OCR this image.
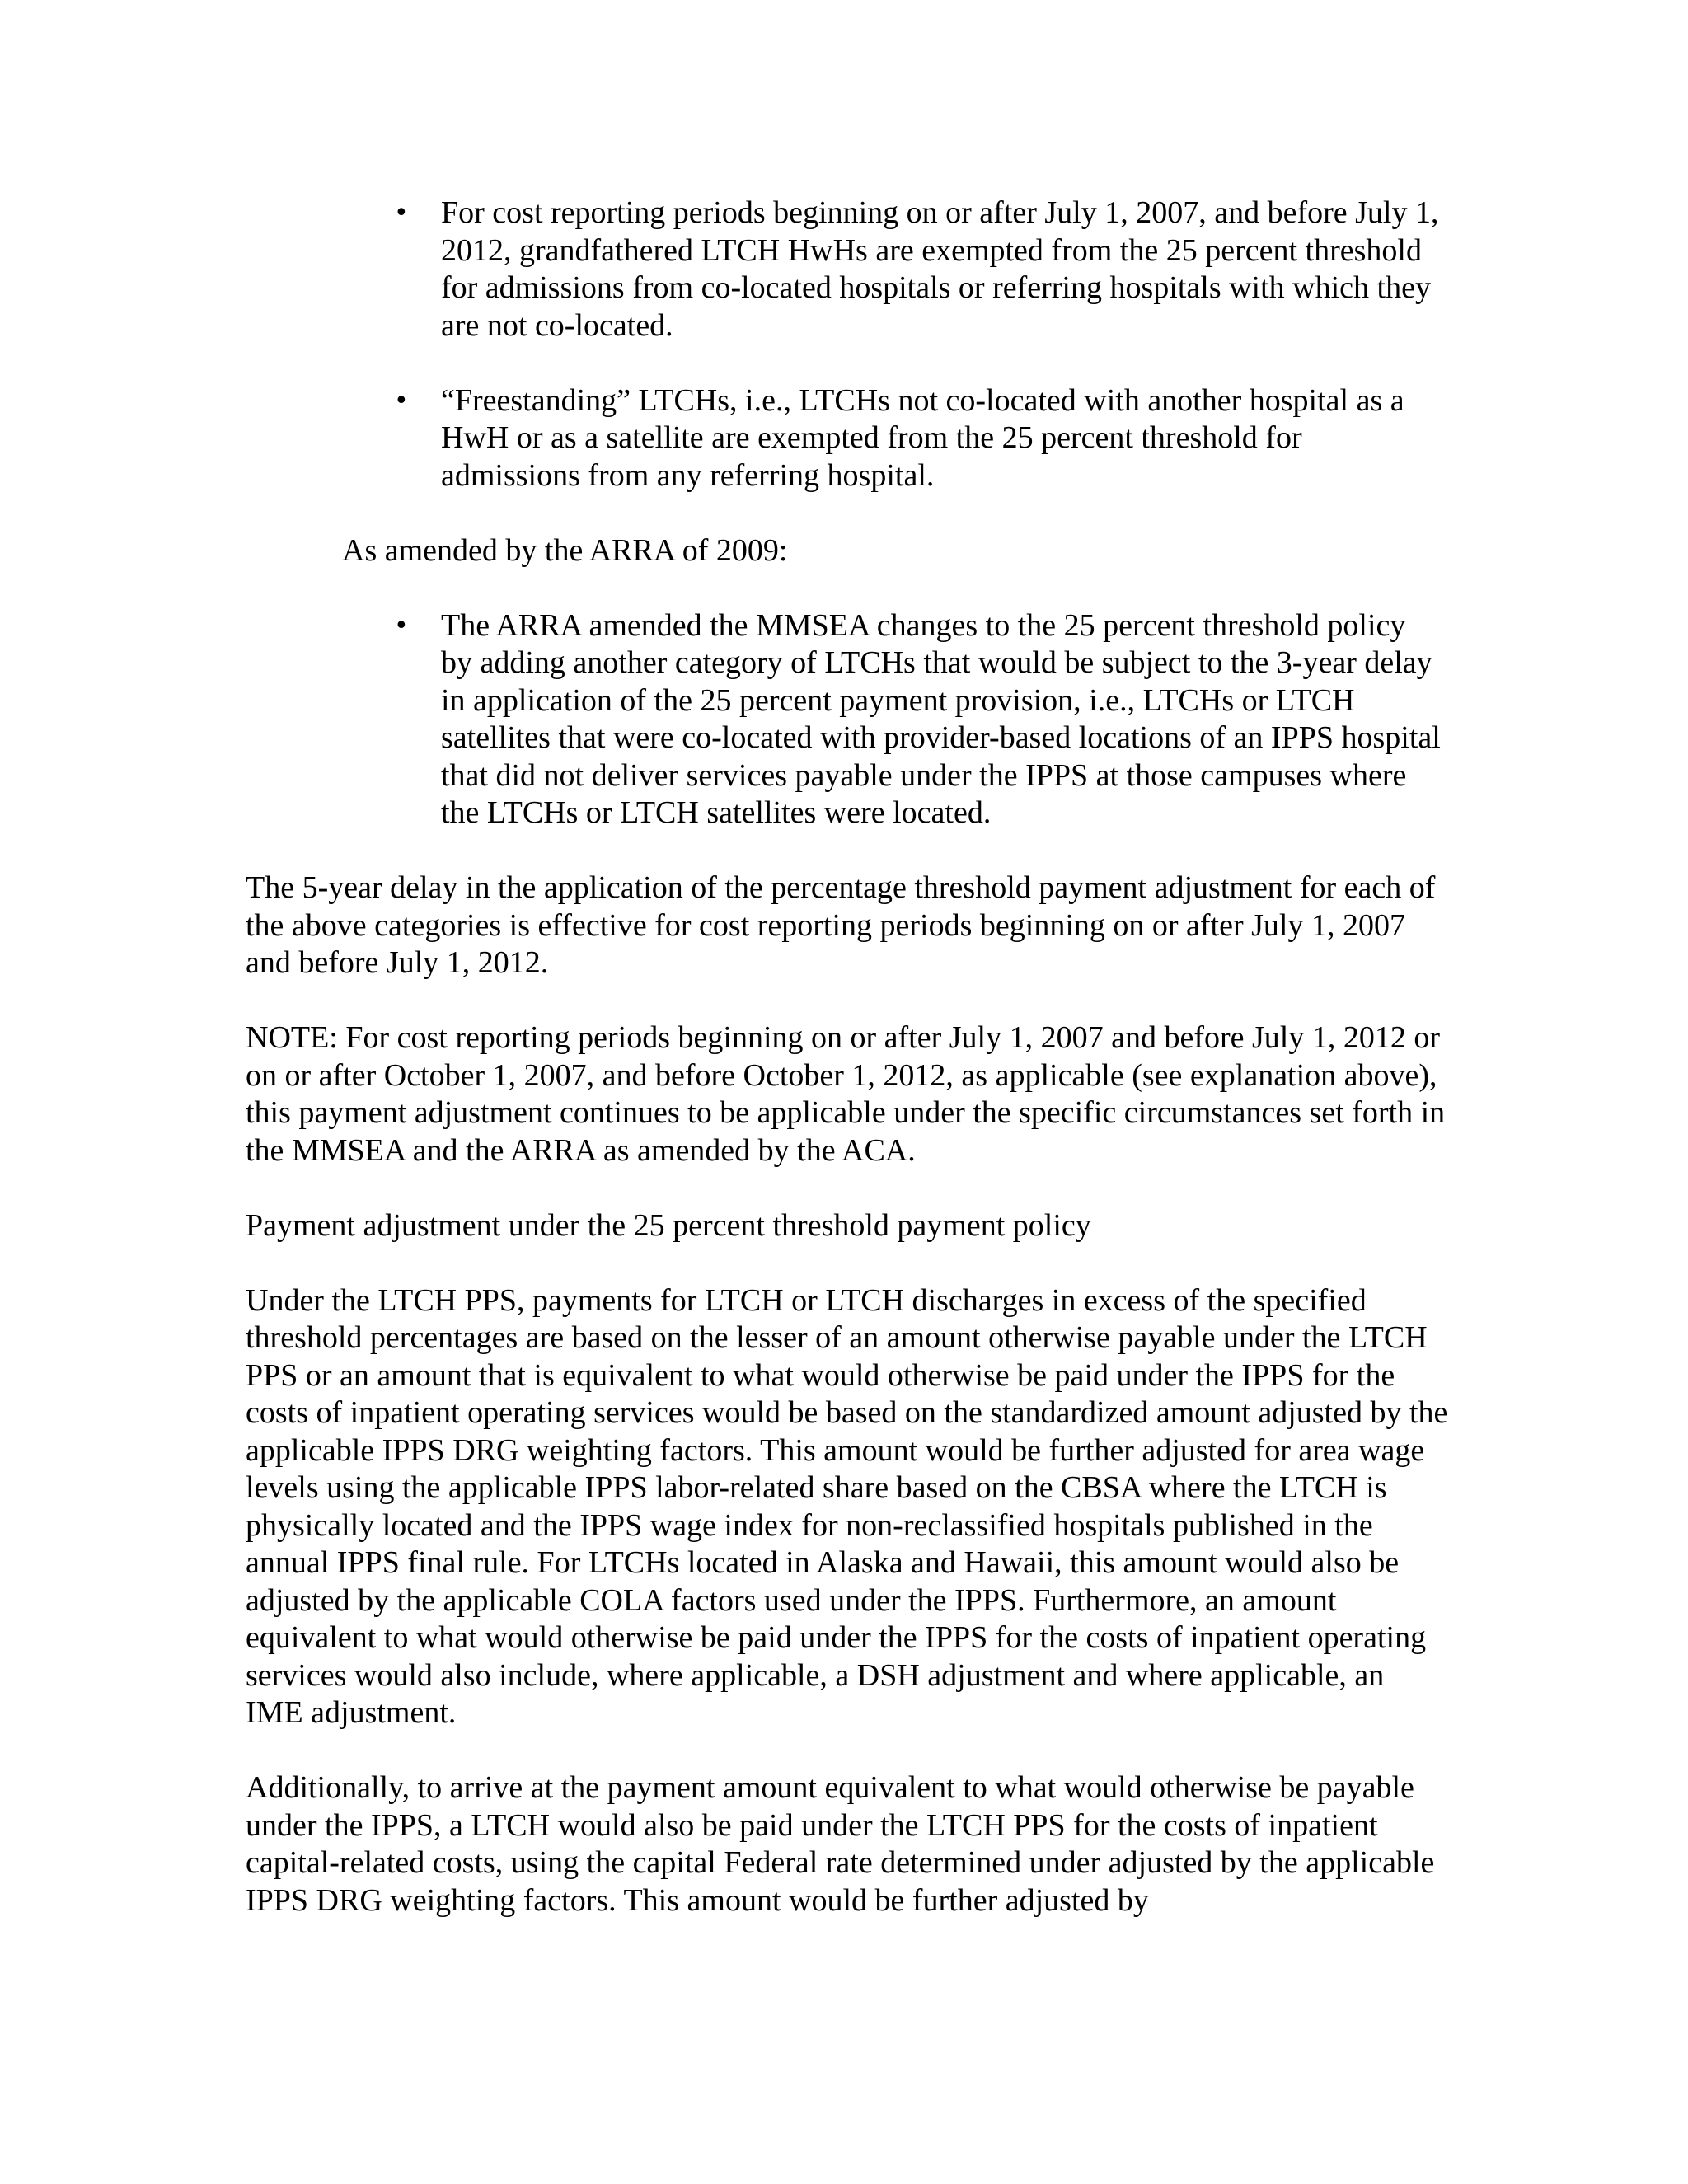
• For cost reporting periods beginning on or after July 1, 2007, and before July 1, 2012, grandfathered LTCH HwHs are exempted from the 25 percent threshold for admissions from co-located hospitals or referring hospitals with which they are not co-located.
• “Freestanding” LTCHs, i.e., LTCHs not co-located with another hospital as a HwH or as a satellite are exempted from the 25 percent threshold for admissions from any referring hospital.

As amended by the ARRA of 2009:

• The ARRA amended the MMSEA changes to the 25 percent threshold policy by adding another category of LTCHs that would be subject to the 3-year delay in application of the 25 percent payment provision, i.e., LTCHs or LTCH satellites that were co-located with provider-based locations of an IPPS hospital that did not deliver services payable under the IPPS at those campuses where the LTCHs or LTCH satellites were located.

The 5-year delay in the application of the percentage threshold payment adjustment for each of the above categories is effective for cost reporting periods beginning on or after July 1, 2007 and before July 1, 2012.

NOTE: For cost reporting periods beginning on or after July 1, 2007 and before July 1, 2012 or on or after October 1, 2007, and before October 1, 2012, as applicable (see explanation above), this payment adjustment continues to be applicable under the specific circumstances set forth in the MMSEA and the ARRA as amended by the ACA.

Payment adjustment under the 25 percent threshold payment policy

Under the LTCH PPS, payments for LTCH or LTCH discharges in excess of the specified threshold percentages are based on the lesser of an amount otherwise payable under the LTCH PPS or an amount that is equivalent to what would otherwise be paid under the IPPS for the costs of inpatient operating services would be based on the standardized amount adjusted by the applicable IPPS DRG weighting factors. This amount would be further adjusted for area wage levels using the applicable IPPS labor-related share based on the CBSA where the LTCH is physically located and the IPPS wage index for non-reclassified hospitals published in the annual IPPS final rule. For LTCHs located in Alaska and Hawaii, this amount would also be adjusted by the applicable COLA factors used under the IPPS. Furthermore, an amount equivalent to what would otherwise be paid under the IPPS for the costs of inpatient operating services would also include, where applicable, a DSH adjustment and where applicable, an IME adjustment.

Additionally, to arrive at the payment amount equivalent to what would otherwise be payable under the IPPS, a LTCH would also be paid under the LTCH PPS for the costs of inpatient capital-related costs, using the capital Federal rate determined under adjusted by the applicable IPPS DRG weighting factors. This amount would be further adjusted by
